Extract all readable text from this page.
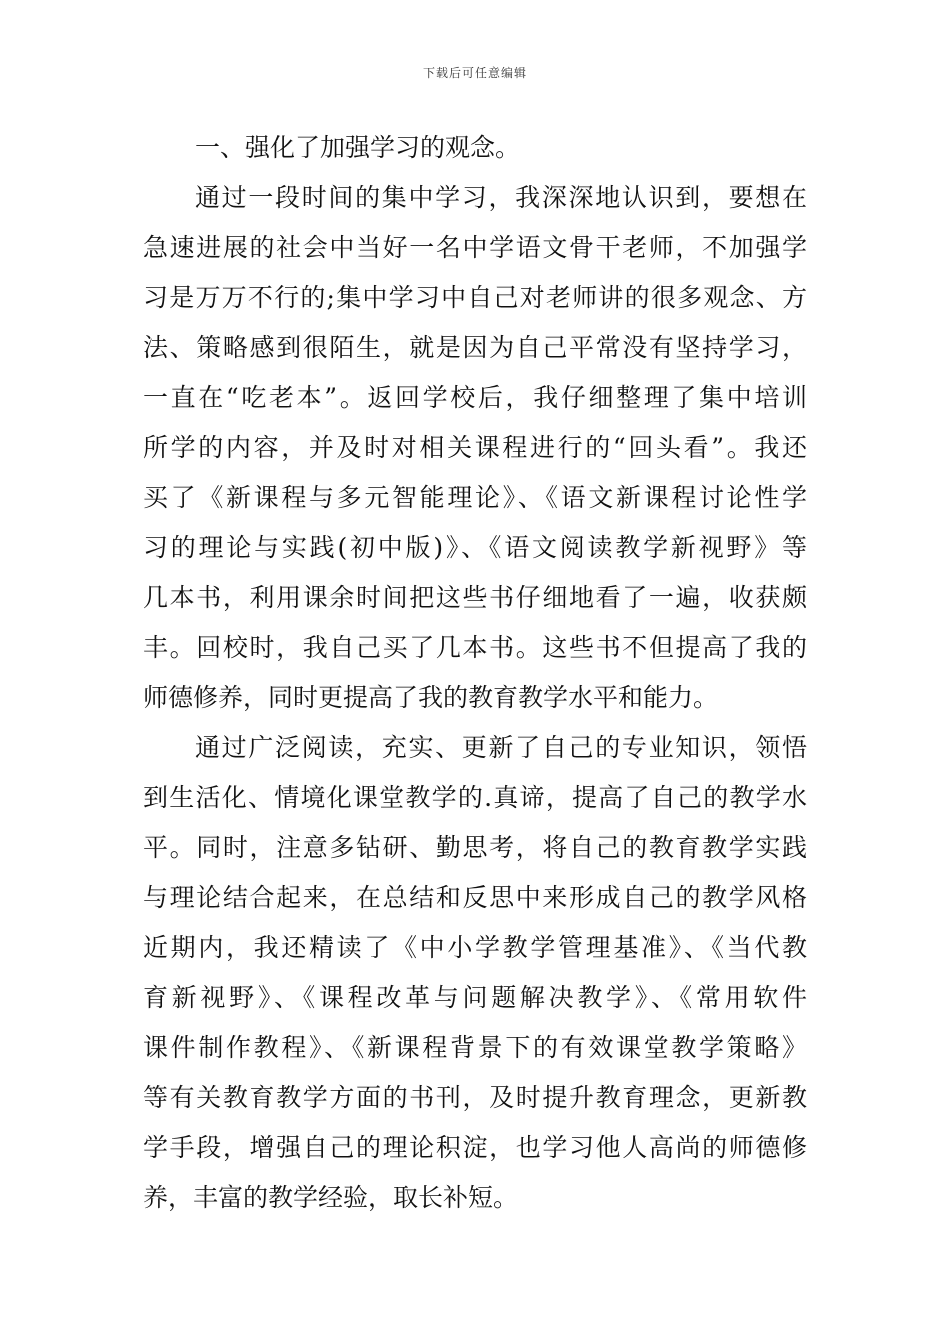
下载后可任意编辑
一、强化了加强学习的观念。
通过一段时间的集中学习，我深深地认识到，要想在
急速进展的社会中当好一名中学语文骨干老师，不加强学
习是万万不行的;集中学习中自己对老师讲的很多观念、方
法、策略感到很陌生，就是因为自己平常没有坚持学习，
一直在“吃老本”。返回学校后，我仔细整理了集中培训
所学的内容，并及时对相关课程进行的“回头看”。我还
买了《新课程与多元智能理论》、《语文新课程讨论性学
习的理论与实践(初中版)》、《语文阅读教学新视野》等
几本书，利用课余时间把这些书仔细地看了一遍，收获颇
丰。回校时，我自己买了几本书。这些书不但提高了我的
师德修养，同时更提高了我的教育教学水平和能力。
通过广泛阅读，充实、更新了自己的专业知识，领悟
到生活化、情境化课堂教学的.真谛，提高了自己的教学水
平。同时，注意多钻研、勤思考，将自己的教育教学实践
与理论结合起来，在总结和反思中来形成自己的教学风格
近期内，我还精读了《中小学教学管理基准》、《当代教
育新视野》、《课程改革与问题解决教学》、《常用软件
课件制作教程》、《新课程背景下的有效课堂教学策略》
等有关教育教学方面的书刊，及时提升教育理念，更新教
学手段，增强自己的理论积淀，也学习他人高尚的师德修
养，丰富的教学经验，取长补短。
